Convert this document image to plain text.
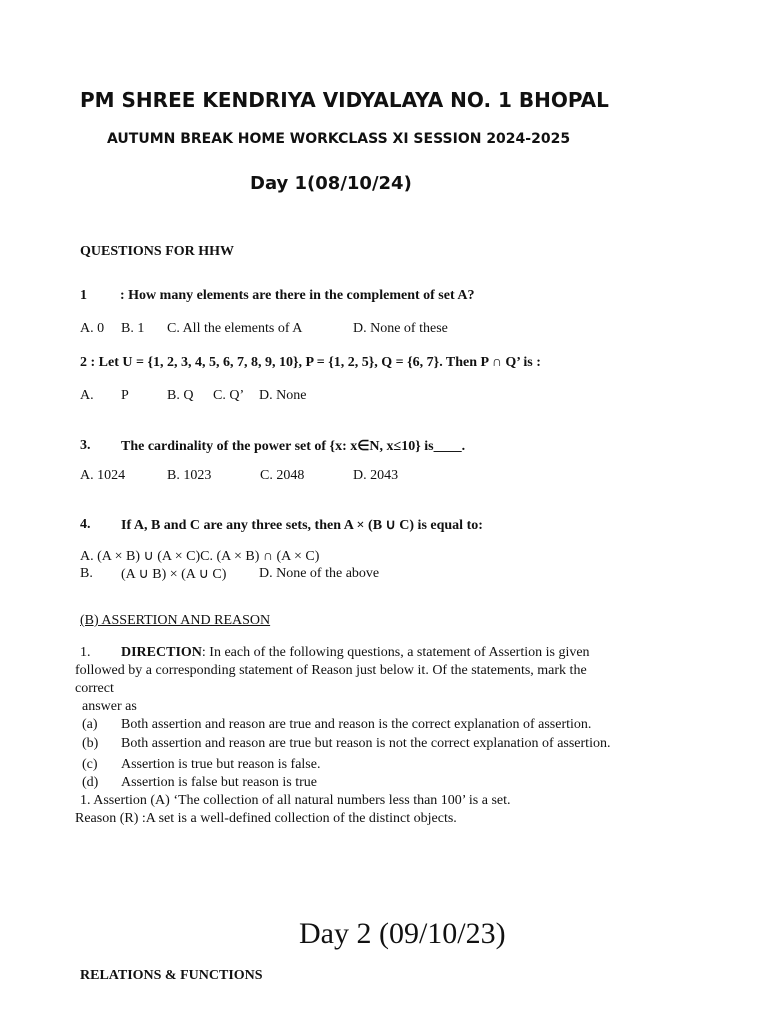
PM SHREE KENDRIYA VIDYALAYA NO. 1 BHOPAL
AUTUMN BREAK HOME WORKCLASS XI SESSION 2024-2025
Day 1(08/10/24)
QUESTIONS FOR HHW
1 : How many elements are there in the complement of set A?
A. 0 B. 1 C. All the elements of A	D. None of these
2 : Let U = {1, 2, 3, 4, 5, 6, 7, 8, 9, 10}, P = {1, 2, 5}, Q = {6, 7}. Then P ∩ Q’ is :
A. P	B. Q C. Q’ D. None
3. The cardinality of the power set of {x: x∈N, x≤10} is____.
A. 1024	B. 1023	C. 2048	D. 2043
4. If A, B and C are any three sets, then A × (B ∪ C) is equal to:
A. (A × B) ∪ (A × C)C. (A × B) ∩ (A × C)
B. (A ∪ B) × (A ∪ C) D. None of the above
(B) ASSERTION AND REASON
1. DIRECTION: In each of the following questions, a statement of Assertion is given
followed by a corresponding statement of Reason just below it. Of the statements, mark the
correct
answer as
(a) Both assertion and reason are true and reason is the correct explanation of assertion.
(b) Both assertion and reason are true but reason is not the correct explanation of assertion.
(c) Assertion is true but reason is false.
(d) Assertion is false but reason is true
1. Assertion (A) ‘The collection of all natural numbers less than 100’ is a set.
Reason (R) :A set is a well-defined collection of the distinct objects.
Day 2 (09/10/23)
RELATIONS & FUNCTIONS
